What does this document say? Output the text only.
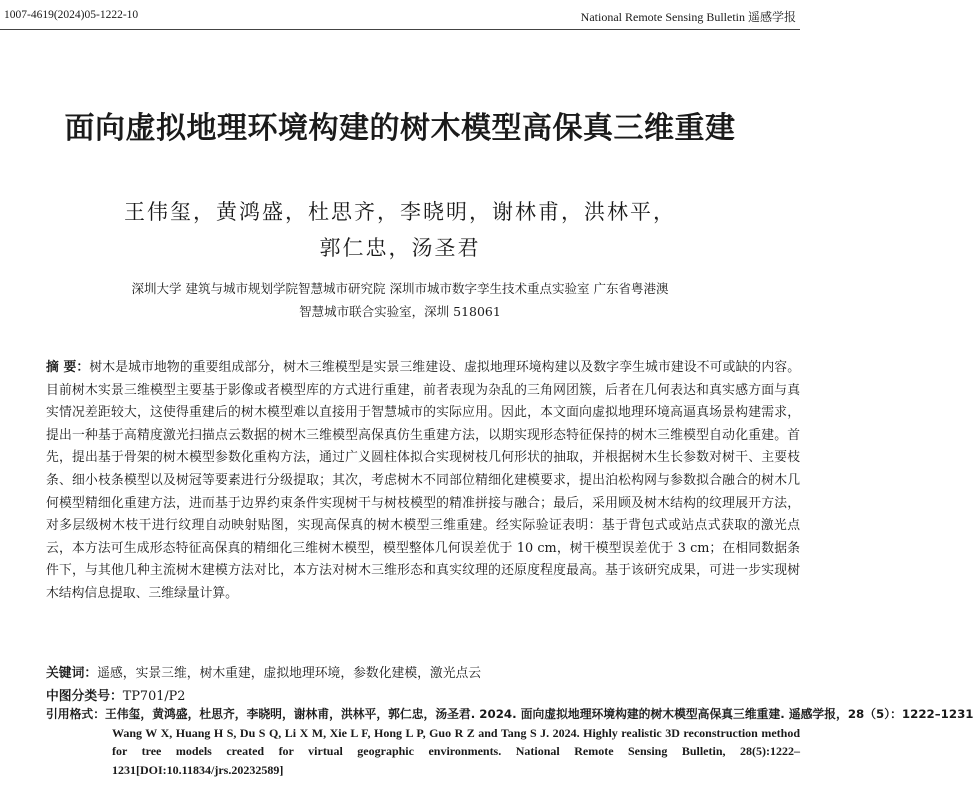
1007-4619(2024)05-1222-10	National Remote Sensing Bulletin 遥感学报
面向虚拟地理环境构建的树木模型高保真三维重建
王伟玺，黄鸿盛，杜思齐，李晓明，谢林甫，洪林平，
郭仁忠，汤圣君
深圳大学 建筑与城市规划学院智慧城市研究院 深圳市城市数字孪生技术重点实验室 广东省粤港澳
智慧城市联合实验室，深圳 518061
摘 要：树木是城市地物的重要组成部分，树木三维模型是实景三维建设、虚拟地理环境构建以及数字孪生城市建设不可或缺的内容。目前树木实景三维模型主要基于影像或者模型库的方式进行重建，前者表现为杂乱的三角网团簇，后者在几何表达和真实感方面与真实情况差距较大，这使得重建后的树木模型难以直接用于智慧城市的实际应用。因此，本文面向虚拟地理环境高逼真场景构建需求，提出一种基于高精度激光扫描点云数据的树木三维模型高保真仿生重建方法，以期实现形态特征保持的树木三维模型自动化重建。首先，提出基于骨架的树木模型参数化重构方法，通过广义圆柱体拟合实现树枝几何形状的抽取，并根据树木生长参数对树干、主要枝条、细小枝条模型以及树冠等要素进行分级提取；其次，考虑树木不同部位精细化建模要求，提出泊松构网与参数拟合融合的树木几何模型精细化重建方法，进而基于边界约束条件实现树干与树枝模型的精准拼接与融合；最后，采用顾及树木结构的纹理展开方法，对多层级树木枝干进行纹理自动映射贴图，实现高保真的树木模型三维重建。经实际验证表明：基于背包式或站点式获取的激光点云，本方法可生成形态特征高保真的精细化三维树木模型，模型整体几何误差优于 10 cm，树干模型误差优于 3 cm；在相同数据条件下，与其他几种主流树木建模方法对比，本方法对树木三维形态和真实纹理的还原度程度最高。基于该研究成果，可进一步实现树木结构信息提取、三维绿量计算。
关键词：遥感，实景三维，树木重建，虚拟地理环境，参数化建模，激光点云
中图分类号：TP701/P2
引用格式： 王伟玺，黄鸿盛，杜思齐，李晓明，谢林甫，洪林平，郭仁忠，汤圣君. 2024. 面向虚拟地理环境构建的树木模型高保真三维重建. 遥感学报，28（5）：1222–1231
Wang W X, Huang H S, Du S Q, Li X M, Xie L F, Hong L P, Guo R Z and Tang S J. 2024. Highly realistic 3D reconstruction method for tree models created for virtual geographic environments. National Remote Sensing Bulletin, 28(5):1222–1231[DOI:10.11834/jrs.20232589]
